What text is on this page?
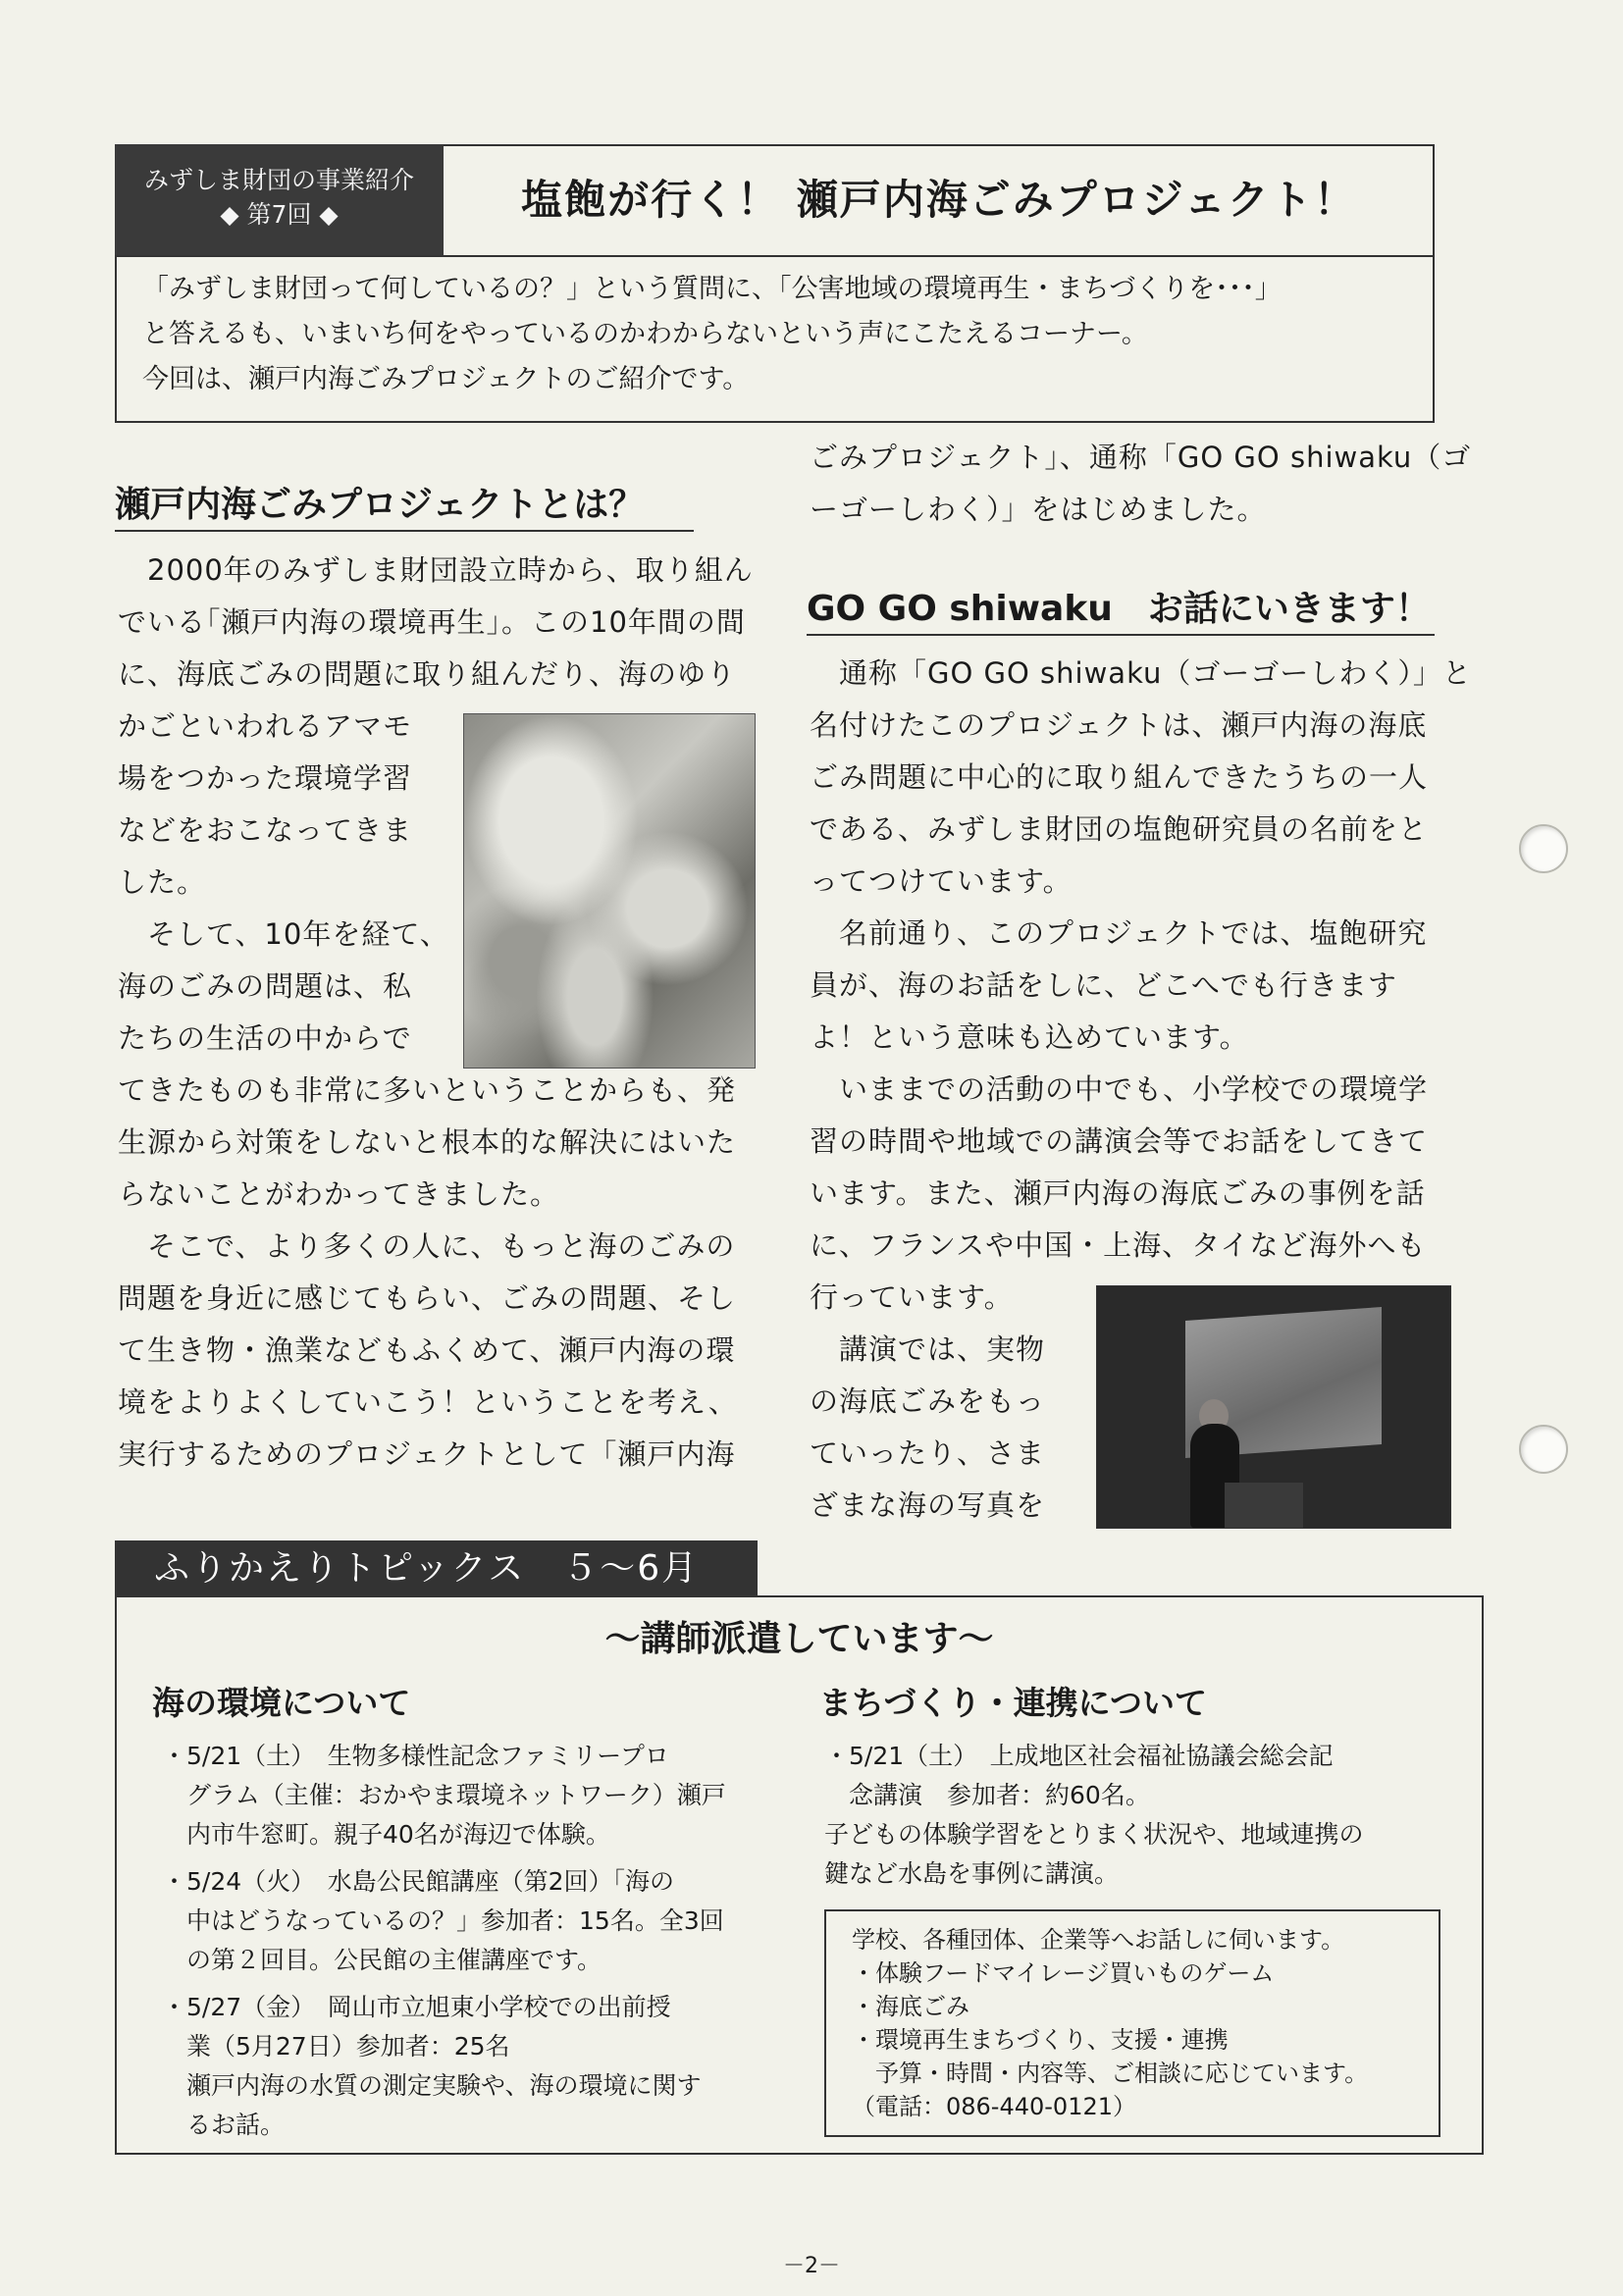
みずしま財団の事業紹介
◆ 第7回 ◆	塩飽が行く！ 瀬戸内海ごみプロジェクト！
「みずしま財団って何しているの？」という質問に、「公害地域の環境再生・まちづくりを･･･」
と答えるも、いまいち何をやっているのかわからないという声にこたえるコーナー。
今回は、瀬戸内海ごみプロジェクトのご紹介です。
瀬戸内海ごみプロジェクトとは？
　2000年のみずしま財団設立時から、取り組ん
でいる｢瀬戸内海の環境再生｣。この10年間の間
に、海底ごみの問題に取り組んだり、海のゆり
かごといわれるアマモ
場をつかった環境学習
などをおこなってきま
した。
　そして、10年を経て、
海のごみの問題は、私
たちの生活の中からで
てきたものも非常に多いということからも、発
生源から対策をしないと根本的な解決にはいた
らないことがわかってきました。
　そこで、より多くの人に、もっと海のごみの
問題を身近に感じてもらい、ごみの問題、そし
て生き物・漁業などもふくめて、瀬戸内海の環
境をよりよくしていこう！ということを考え、
実行するためのプロジェクトとして「瀬戸内海
ごみプロジェクト」、通称「GO GO shiwaku（ゴ
ーゴーしわく）」をはじめました。
GO GO shiwaku　お話にいきます！
　通称「GO GO shiwaku（ゴーゴーしわく）」と
名付けたこのプロジェクトは、瀬戸内海の海底
ごみ問題に中心的に取り組んできたうちの一人
である、みずしま財団の塩飽研究員の名前をと
ってつけています。
　名前通り、このプロジェクトでは、塩飽研究
員が、海のお話をしに、どこへでも行きます
よ！という意味も込めています。
　いままでの活動の中でも、小学校での環境学
習の時間や地域での講演会等でお話をしてきて
います。また、瀬戸内海の海底ごみの事例を話
に、フランスや中国・上海、タイなど海外へも
行っています。
　講演では、実物
の海底ごみをもっ
ていったり、さま
ざまな海の写真を
ふりかえりトピックス　５～6月
～講師派遣しています～
海の環境について
・5/21（土）　生物多様性記念ファミリープロ
　グラム（主催：おかやま環境ネットワーク）瀬戸
　内市牛窓町。親子40名が海辺で体験。
・5/24（火）　水島公民館講座（第2回）「海の
　中はどうなっているの？」参加者：15名。全3回
　の第２回目。公民館の主催講座です。
・5/27（金）　岡山市立旭東小学校での出前授
　業（5月27日）参加者：25名
　瀬戸内海の水質の測定実験や、海の環境に関す
　るお話。
まちづくり・連携について
・5/21（土）　上成地区社会福祉協議会総会記
　念講演　参加者：約60名。
子どもの体験学習をとりまく状況や、地域連携の
鍵など水島を事例に講演。
学校、各種団体、企業等へお話しに伺います。
・体験フードマイレージ買いものゲーム
・海底ごみ
・環境再生まちづくり、支援・連携
　予算・時間・内容等、ご相談に応じています。
（電話：086-440-0121）
－2－
